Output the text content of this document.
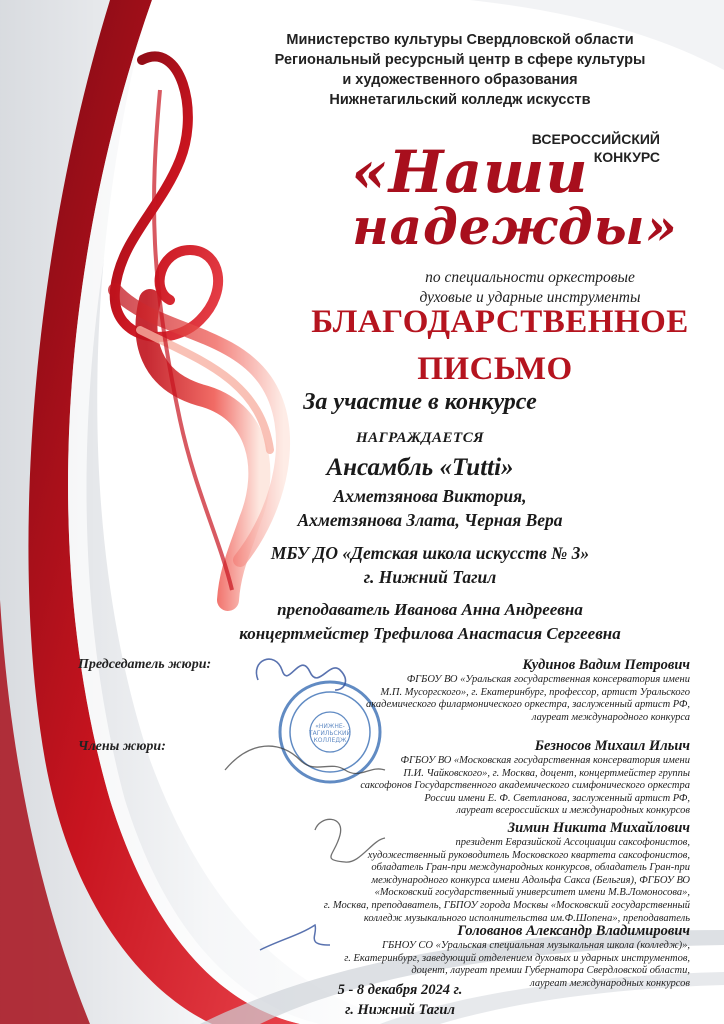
«НИЖНЕ-
ТАГИЛЬСКИЙ
КОЛЛЕДЖ
Министерство культуры Свердловской области
Региональный ресурсный центр в сфере культуры
и художественного образования
Нижнетагильский колледж искусств
ВСЕРОССИЙСКИЙ
КОНКУРС
«Наши
надежды»
по специальности оркестровые
духовые и ударные инструменты
БЛАГОДАРСТВЕННОЕ
ПИСЬМО
За участие в конкурсе
НАГРАЖДАЕТСЯ
Ансамбль «Tutti»
Ахметзянова Виктория,
Ахметзянова Злата, Черная Вера
МБУ ДО «Детская школа искусств № 3»
г. Нижний Тагил
преподаватель Иванова Анна Андреевна
концертмейстер Трефилова Анастасия Сергеевна
Председатель жюри:
Члены жюри:
Кудинов Вадим Петрович
ФГБОУ ВО «Уральская государственная консерватория имени
М.П. Мусоргского», г. Екатеринбург, профессор, артист Уральского
академического филармонического оркестра, заслуженный артист РФ,
лауреат международного конкурса
Безносов Михаил Ильич
ФГБОУ ВО «Московская государственная консерватория имени
П.И. Чайковского», г. Москва, доцент, концертмейстер группы
саксофонов Государственного академического симфонического оркестра
России имени Е. Ф. Светланова, заслуженный артист РФ,
лауреат всероссийских и международных конкурсов
Зимин Никита Михайлович
президент Евразийской Ассоциации саксофонистов,
художественный руководитель Московского квартета саксофонистов,
обладатель Гран-при международных конкурсов, обладатель Гран-при
международного конкурса имени Адольфа Сакса (Бельгия), ФГБОУ ВО
«Московский государственный университет имени М.В.Ломоносова»,
г. Москва, преподаватель, ГБПОУ города Москвы «Московский государственный
колледж музыкального исполнительства им.Ф.Шопена», преподаватель
Голованов Александр Владимирович
ГБНОУ СО «Уральская специальная музыкальная школа (колледж)»,
г. Екатеринбург, заведующий отделением духовых и ударных инструментов,
доцент, лауреат премии Губернатора Свердловской области,
лауреат международных конкурсов
5 - 8 декабря 2024 г.
г. Нижний Тагил
